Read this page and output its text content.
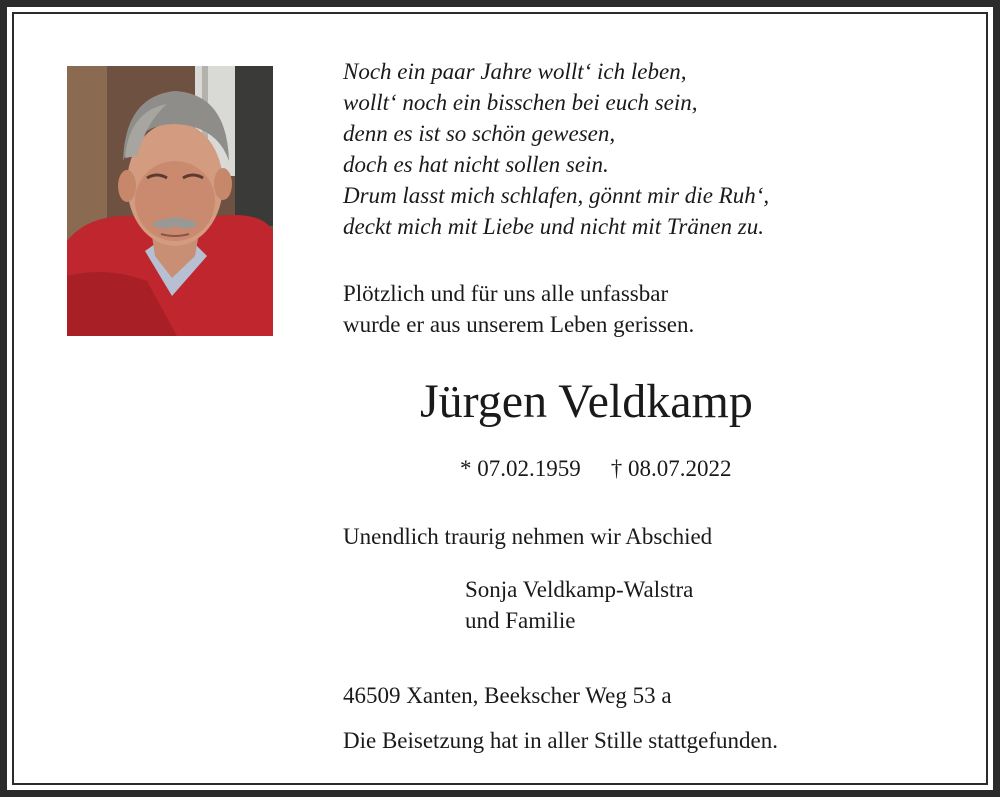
Noch ein paar Jahre wollt‘ ich leben,
wollt‘ noch ein bisschen bei euch sein,
denn es ist so schön gewesen,
doch es hat nicht sollen sein.
Drum lasst mich schlafen, gönnt mir die Ruh‘,
deckt mich mit Liebe und nicht mit Tränen zu.
Plötzlich und für uns alle unfassbar
wurde er aus unserem Leben gerissen.
Jürgen Veldkamp
* 07.02.1959 † 08.07.2022
Unendlich traurig nehmen wir Abschied
Sonja Veldkamp-Walstra
und Familie
46509 Xanten, Beekscher Weg 53 a
Die Beisetzung hat in aller Stille stattgefunden.
